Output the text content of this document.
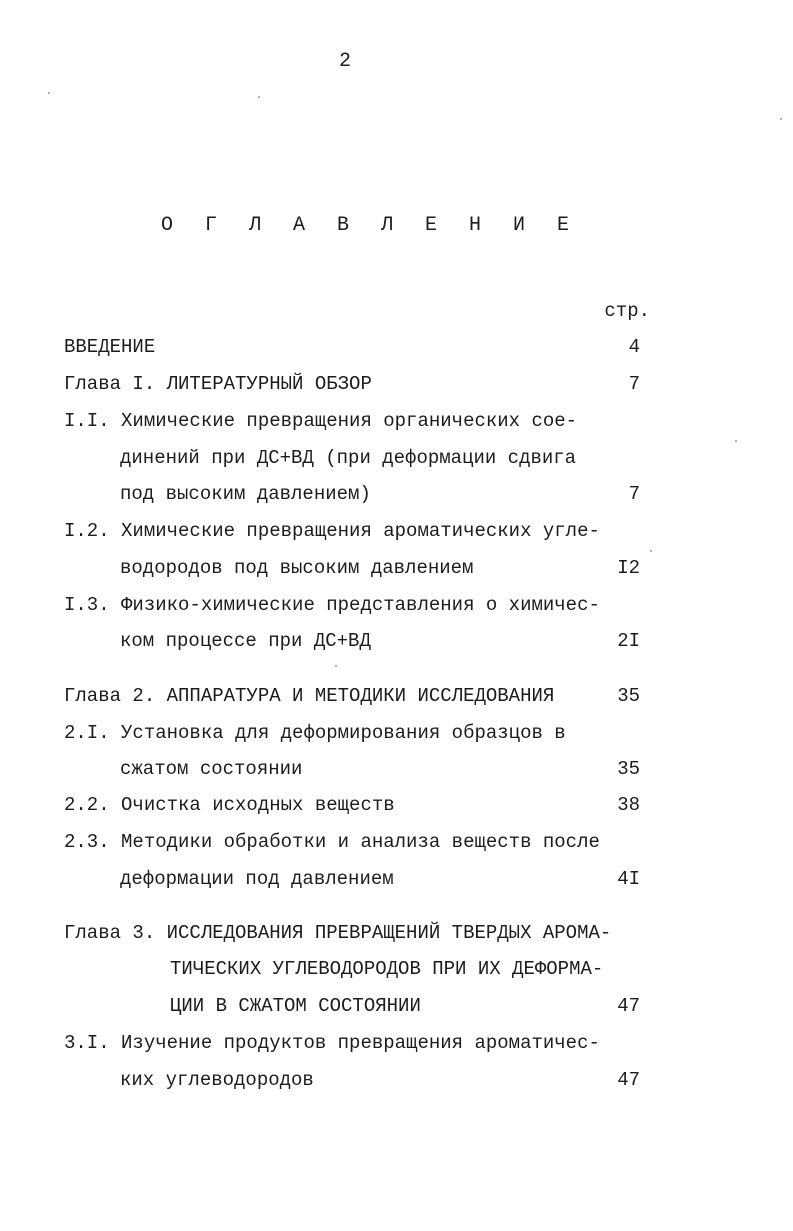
2
О Г Л А В Л Е Н И Е
стр.
ВВЕДЕНИЕ	4
Глава I. ЛИТЕРАТУРНЫЙ ОБЗОР	7
I.I. Химические превращения органических сое-
динений при ДС+ВД (при деформации сдвига
под высоким давлением)	7
I.2. Химические превращения ароматических угле-
водородов под высоким давлением	I2
I.3. Физико-химические представления о химичес-
ком процессе при ДС+ВД	2I
Глава 2. АППАРАТУРА И МЕТОДИКИ ИССЛЕДОВАНИЯ	35
2.I. Установка для деформирования образцов в
сжатом состоянии	35
2.2. Очистка исходных веществ	38
2.3. Методики обработки и анализа веществ после
деформации под давлением	4I
Глава 3. ИССЛЕДОВАНИЯ ПРЕВРАЩЕНИЙ ТВЕРДЫХ АРОМА-
ТИЧЕСКИХ УГЛЕВОДОРОДОВ ПРИ ИХ ДЕФОРМА-
ЦИИ В СЖАТОМ СОСТОЯНИИ	47
3.I. Изучение продуктов превращения ароматичес-
ких углеводородов	47
